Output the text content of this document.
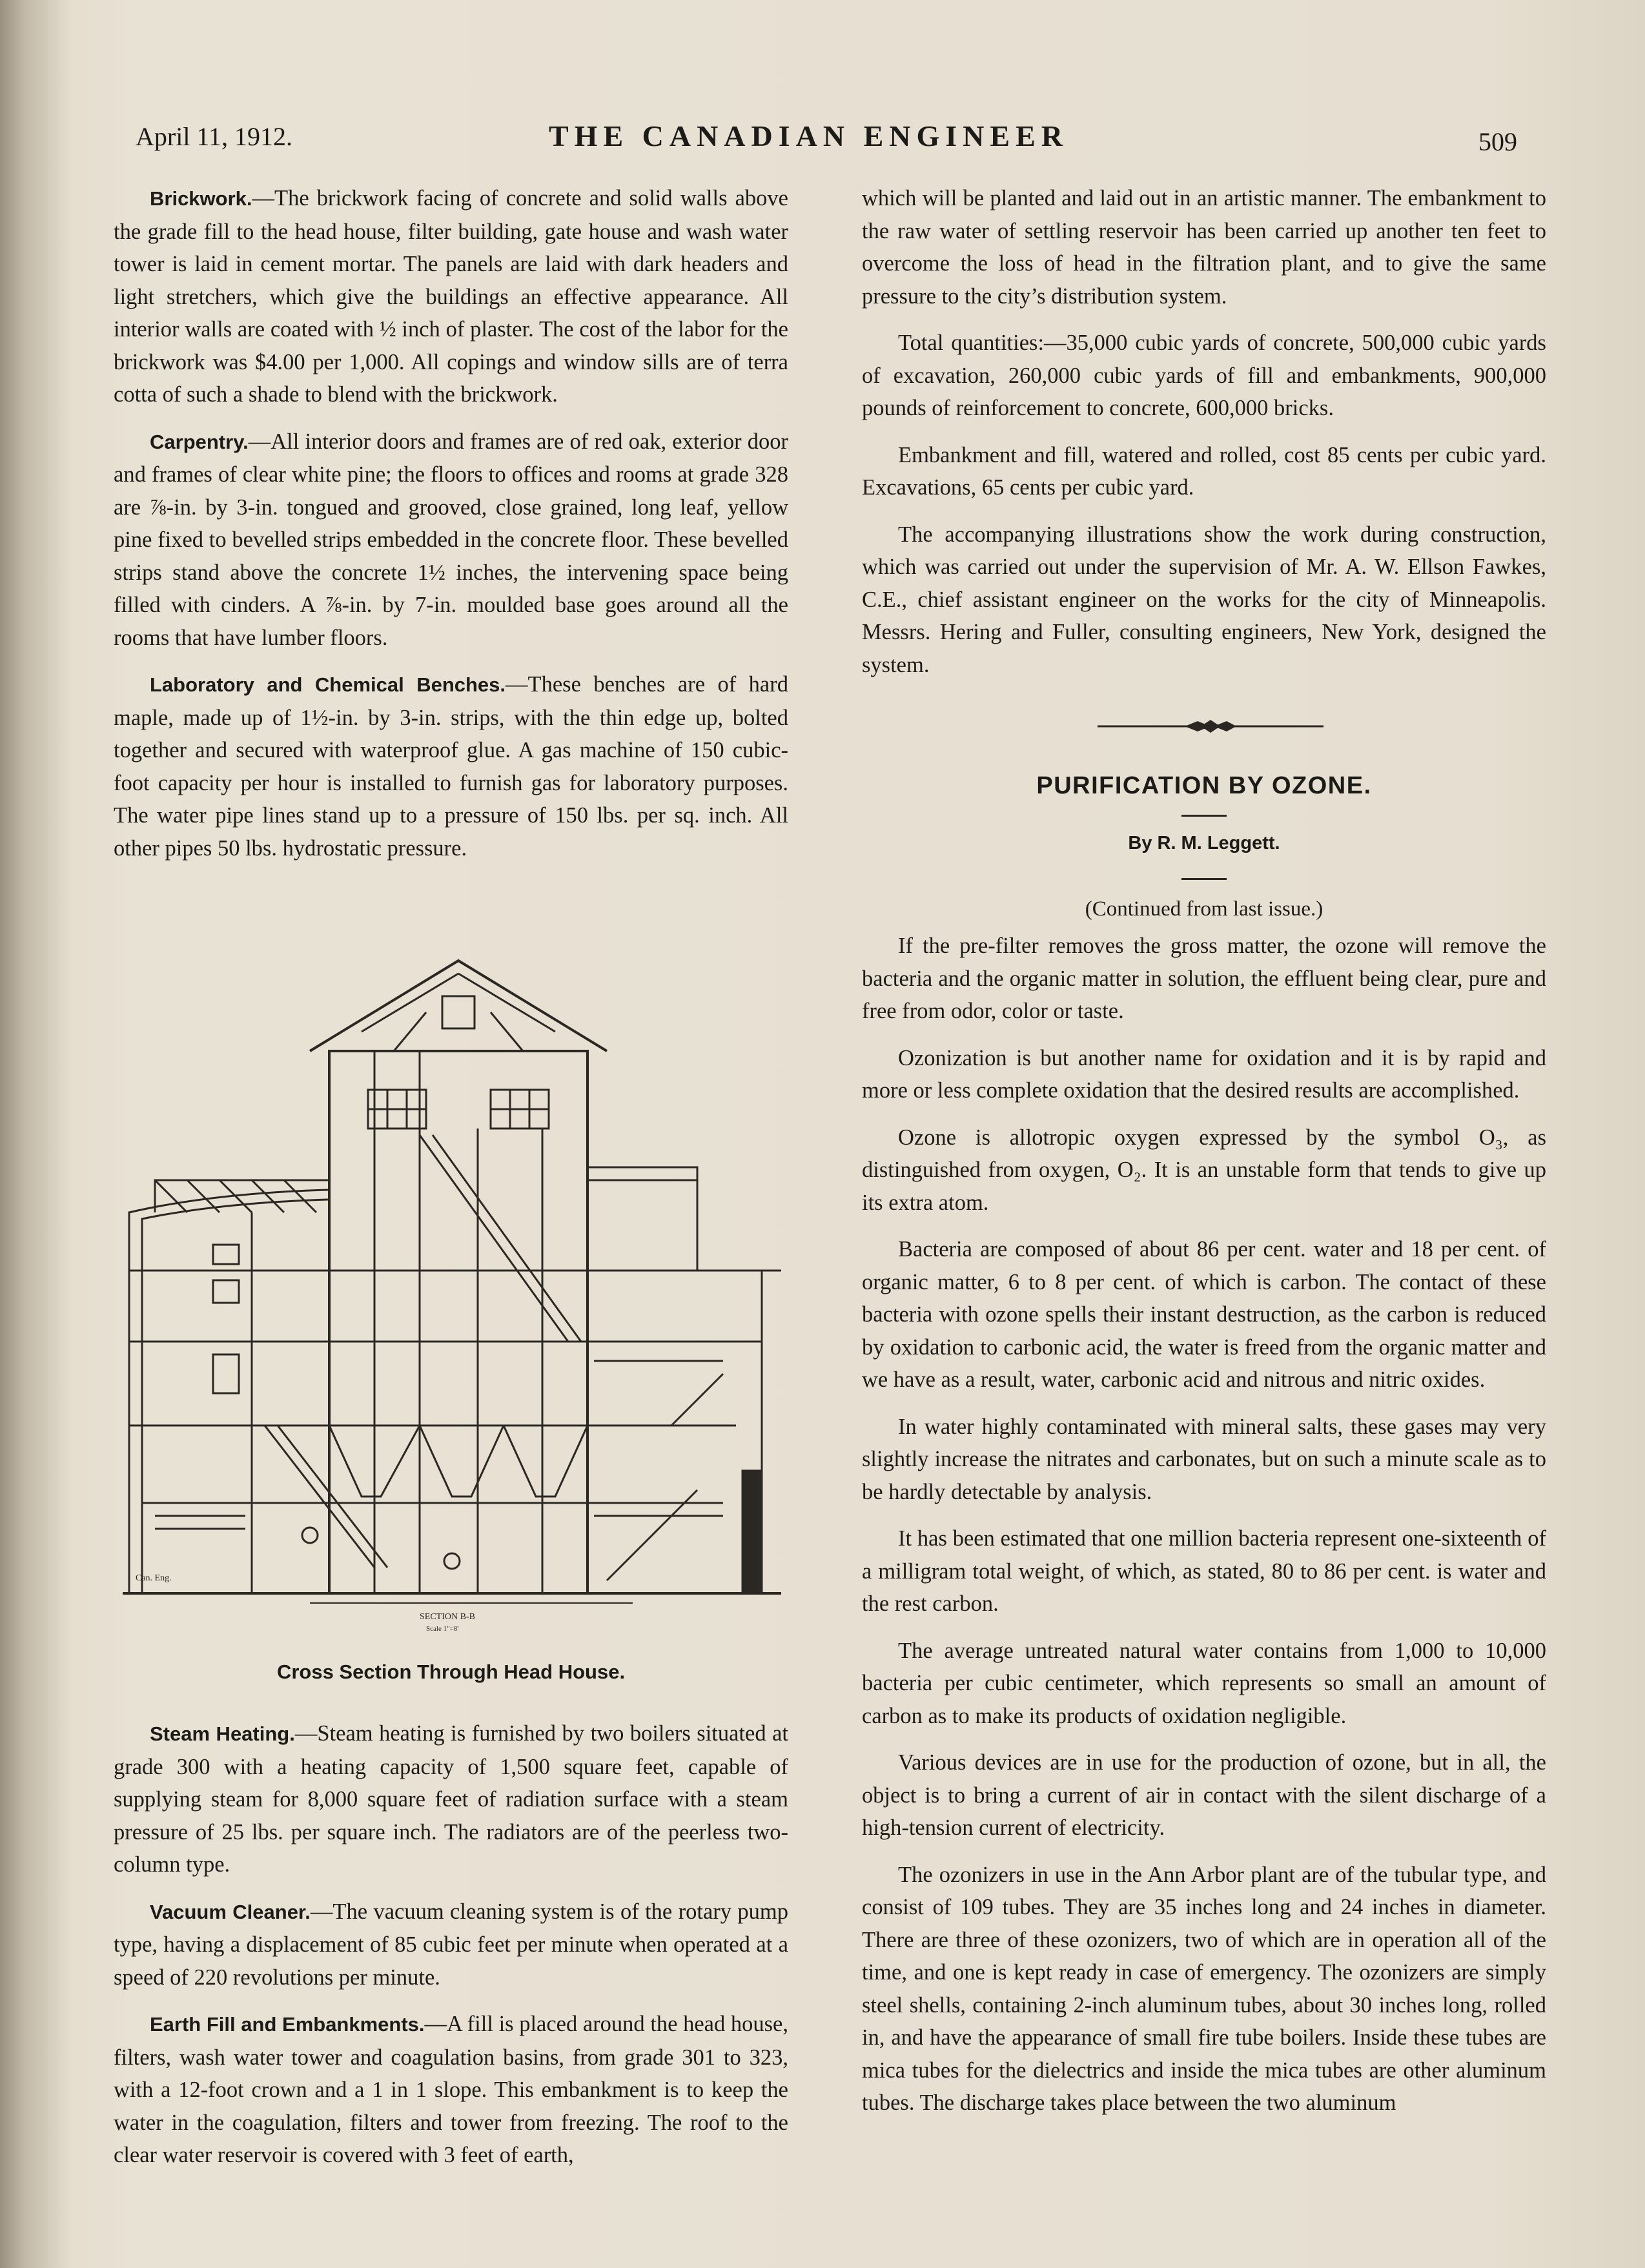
April 11, 1912.	THE CANADIAN ENGINEER	509

Brickwork.—The brickwork facing of concrete and solid walls above the grade fill to the head house, filter building, gate house and wash water tower is laid in cement mortar. The panels are laid with dark headers and light stretchers, which give the buildings an effective appearance. All interior walls are coated with ½ inch of plaster. The cost of the labor for the brickwork was $4.00 per 1,000. All copings and window sills are of terra cotta of such a shade to blend with the brickwork.

Carpentry.—All interior doors and frames are of red oak, exterior door and frames of clear white pine; the floors to offices and rooms at grade 328 are ⅞-in. by 3-in. tongued and grooved, close grained, long leaf, yellow pine fixed to bevelled strips embedded in the concrete floor. These bevelled strips stand above the concrete 1½ inches, the intervening space being filled with cinders. A ⅞-in. by 7-in. moulded base goes around all the rooms that have lumber floors.

Laboratory and Chemical Benches.—These benches are of hard maple, made up of 1½-in. by 3-in. strips, with the thin edge up, bolted together and secured with waterproof glue. A gas machine of 150 cubic-foot capacity per hour is installed to furnish gas for laboratory purposes. The water pipe lines stand up to a pressure of 150 lbs. per sq. inch. All other pipes 50 lbs. hydrostatic pressure.

Can. Eng.
SECTION B-B
Scale 1"=8'
Cross Section Through Head House.

Steam Heating.—Steam heating is furnished by two boilers situated at grade 300 with a heating capacity of 1,500 square feet, capable of supplying steam for 8,000 square feet of radiation surface with a steam pressure of 25 lbs. per square inch. The radiators are of the peerless two-column type.

Vacuum Cleaner.—The vacuum cleaning system is of the rotary pump type, having a displacement of 85 cubic feet per minute when operated at a speed of 220 revolutions per minute.

Earth Fill and Embankments.—A fill is placed around the head house, filters, wash water tower and coagulation basins, from grade 301 to 323, with a 12-foot crown and a 1 in 1 slope. This embankment is to keep the water in the coagulation, filters and tower from freezing. The roof to the clear water reservoir is covered with 3 feet of earth,

which will be planted and laid out in an artistic manner. The embankment to the raw water of settling reservoir has been carried up another ten feet to overcome the loss of head in the filtration plant, and to give the same pressure to the city’s distribution system.

Total quantities:—35,000 cubic yards of concrete, 500,000 cubic yards of excavation, 260,000 cubic yards of fill and embankments, 900,000 pounds of reinforcement to concrete, 600,000 bricks.

Embankment and fill, watered and rolled, cost 85 cents per cubic yard. Excavations, 65 cents per cubic yard.

The accompanying illustrations show the work during construction, which was carried out under the supervision of Mr. A. W. Ellson Fawkes, C.E., chief assistant engineer on the works for the city of Minneapolis. Messrs. Hering and Fuller, consulting engineers, New York, designed the system.

PURIFICATION BY OZONE.
By R. M. Leggett.
(Continued from last issue.)

If the pre-filter removes the gross matter, the ozone will remove the bacteria and the organic matter in solution, the effluent being clear, pure and free from odor, color or taste.

Ozonization is but another name for oxidation and it is by rapid and more or less complete oxidation that the desired results are accomplished.

Ozone is allotropic oxygen expressed by the symbol O₃, as distinguished from oxygen, O₂. It is an unstable form that tends to give up its extra atom.

Bacteria are composed of about 86 per cent. water and 18 per cent. of organic matter, 6 to 8 per cent. of which is carbon. The contact of these bacteria with ozone spells their instant destruction, as the carbon is reduced by oxidation to carbonic acid, the water is freed from the organic matter and we have as a result, water, carbonic acid and nitrous and nitric oxides.

In water highly contaminated with mineral salts, these gases may very slightly increase the nitrates and carbonates, but on such a minute scale as to be hardly detectable by analysis.

It has been estimated that one million bacteria represent one-sixteenth of a milligram total weight, of which, as stated, 80 to 86 per cent. is water and the rest carbon.

The average untreated natural water contains from 1,000 to 10,000 bacteria per cubic centimeter, which represents so small an amount of carbon as to make its products of oxidation negligible.

Various devices are in use for the production of ozone, but in all, the object is to bring a current of air in contact with the silent discharge of a high-tension current of electricity.

The ozonizers in use in the Ann Arbor plant are of the tubular type, and consist of 109 tubes. They are 35 inches long and 24 inches in diameter. There are three of these ozonizers, two of which are in operation all of the time, and one is kept ready in case of emergency. The ozonizers are simply steel shells, containing 2-inch aluminum tubes, about 30 inches long, rolled in, and have the appearance of small fire tube boilers. Inside these tubes are mica tubes for the dielectrics and inside the mica tubes are other aluminum tubes. The discharge takes place between the two aluminum
